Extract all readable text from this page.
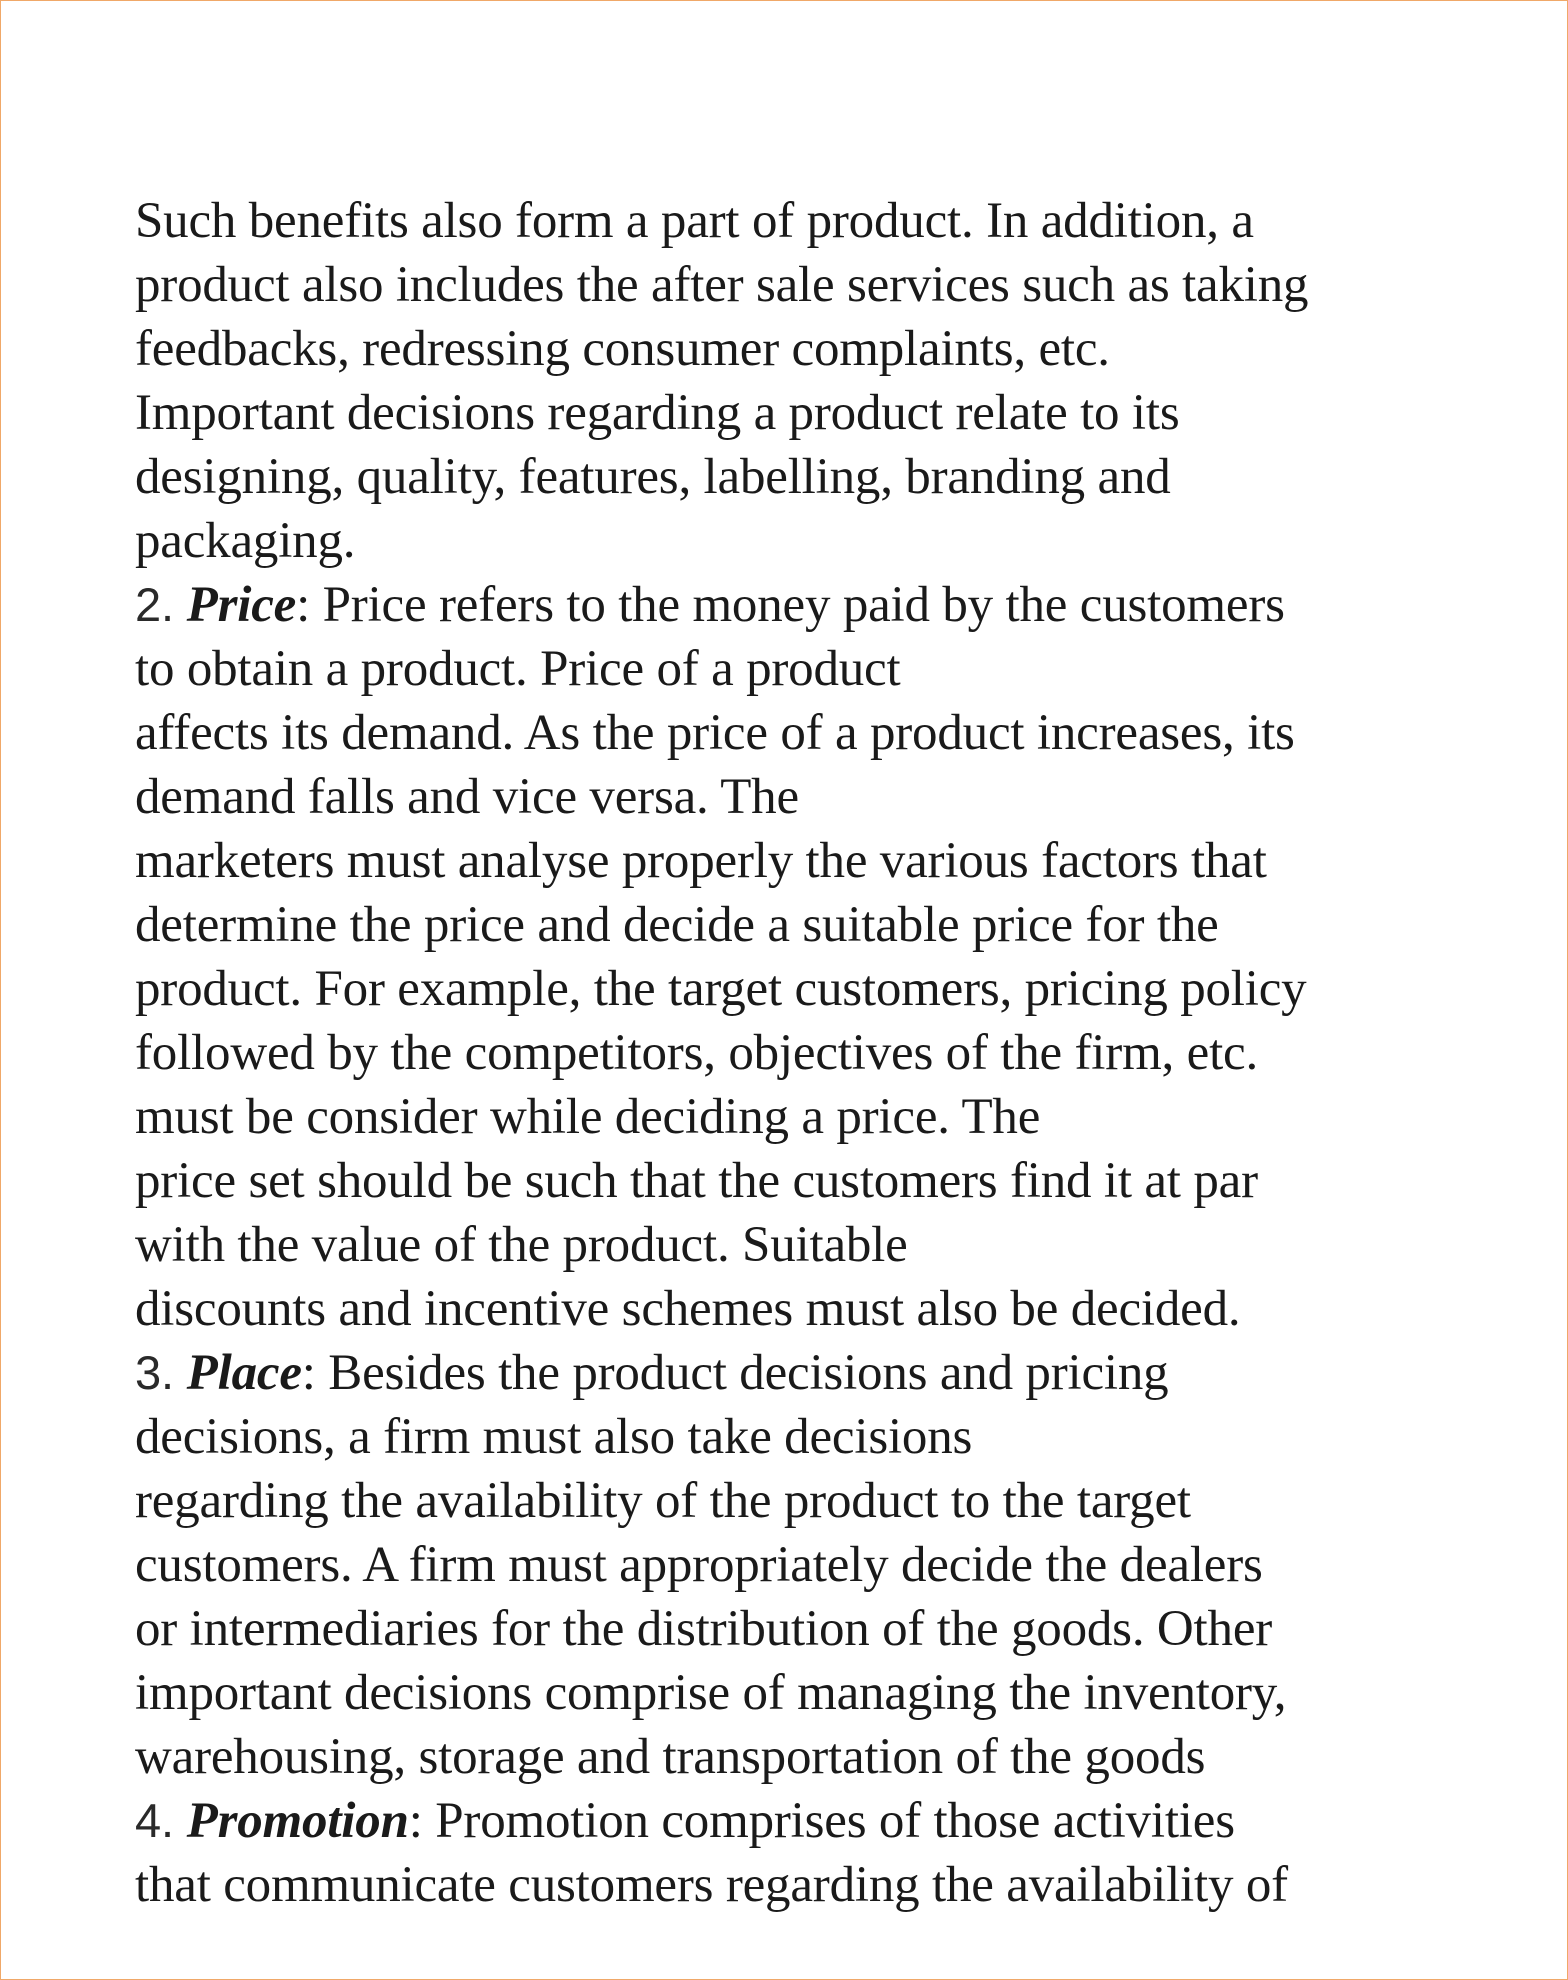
Such benefits also form a part of product. In addition, a
product also includes the after sale services such as taking
feedbacks, redressing consumer complaints, etc.
Important decisions regarding a product relate to its
designing, quality, features, labelling, branding and
packaging.
2. Price: Price refers to the money paid by the customers
to obtain a product. Price of a product
affects its demand. As the price of a product increases, its
demand falls and vice versa. The
marketers must analyse properly the various factors that
determine the price and decide a suitable price for the
product. For example, the target customers, pricing policy
followed by the competitors, objectives of the firm, etc.
must be consider while deciding a price. The
price set should be such that the customers find it at par
with the value of the product. Suitable
discounts and incentive schemes must also be decided.
3. Place: Besides the product decisions and pricing
decisions, a firm must also take decisions
regarding the availability of the product to the target
customers. A firm must appropriately decide the dealers
or intermediaries for the distribution of the goods. Other
important decisions comprise of managing the inventory,
warehousing, storage and transportation of the goods
4. Promotion: Promotion comprises of those activities
that communicate customers regarding the availability of
